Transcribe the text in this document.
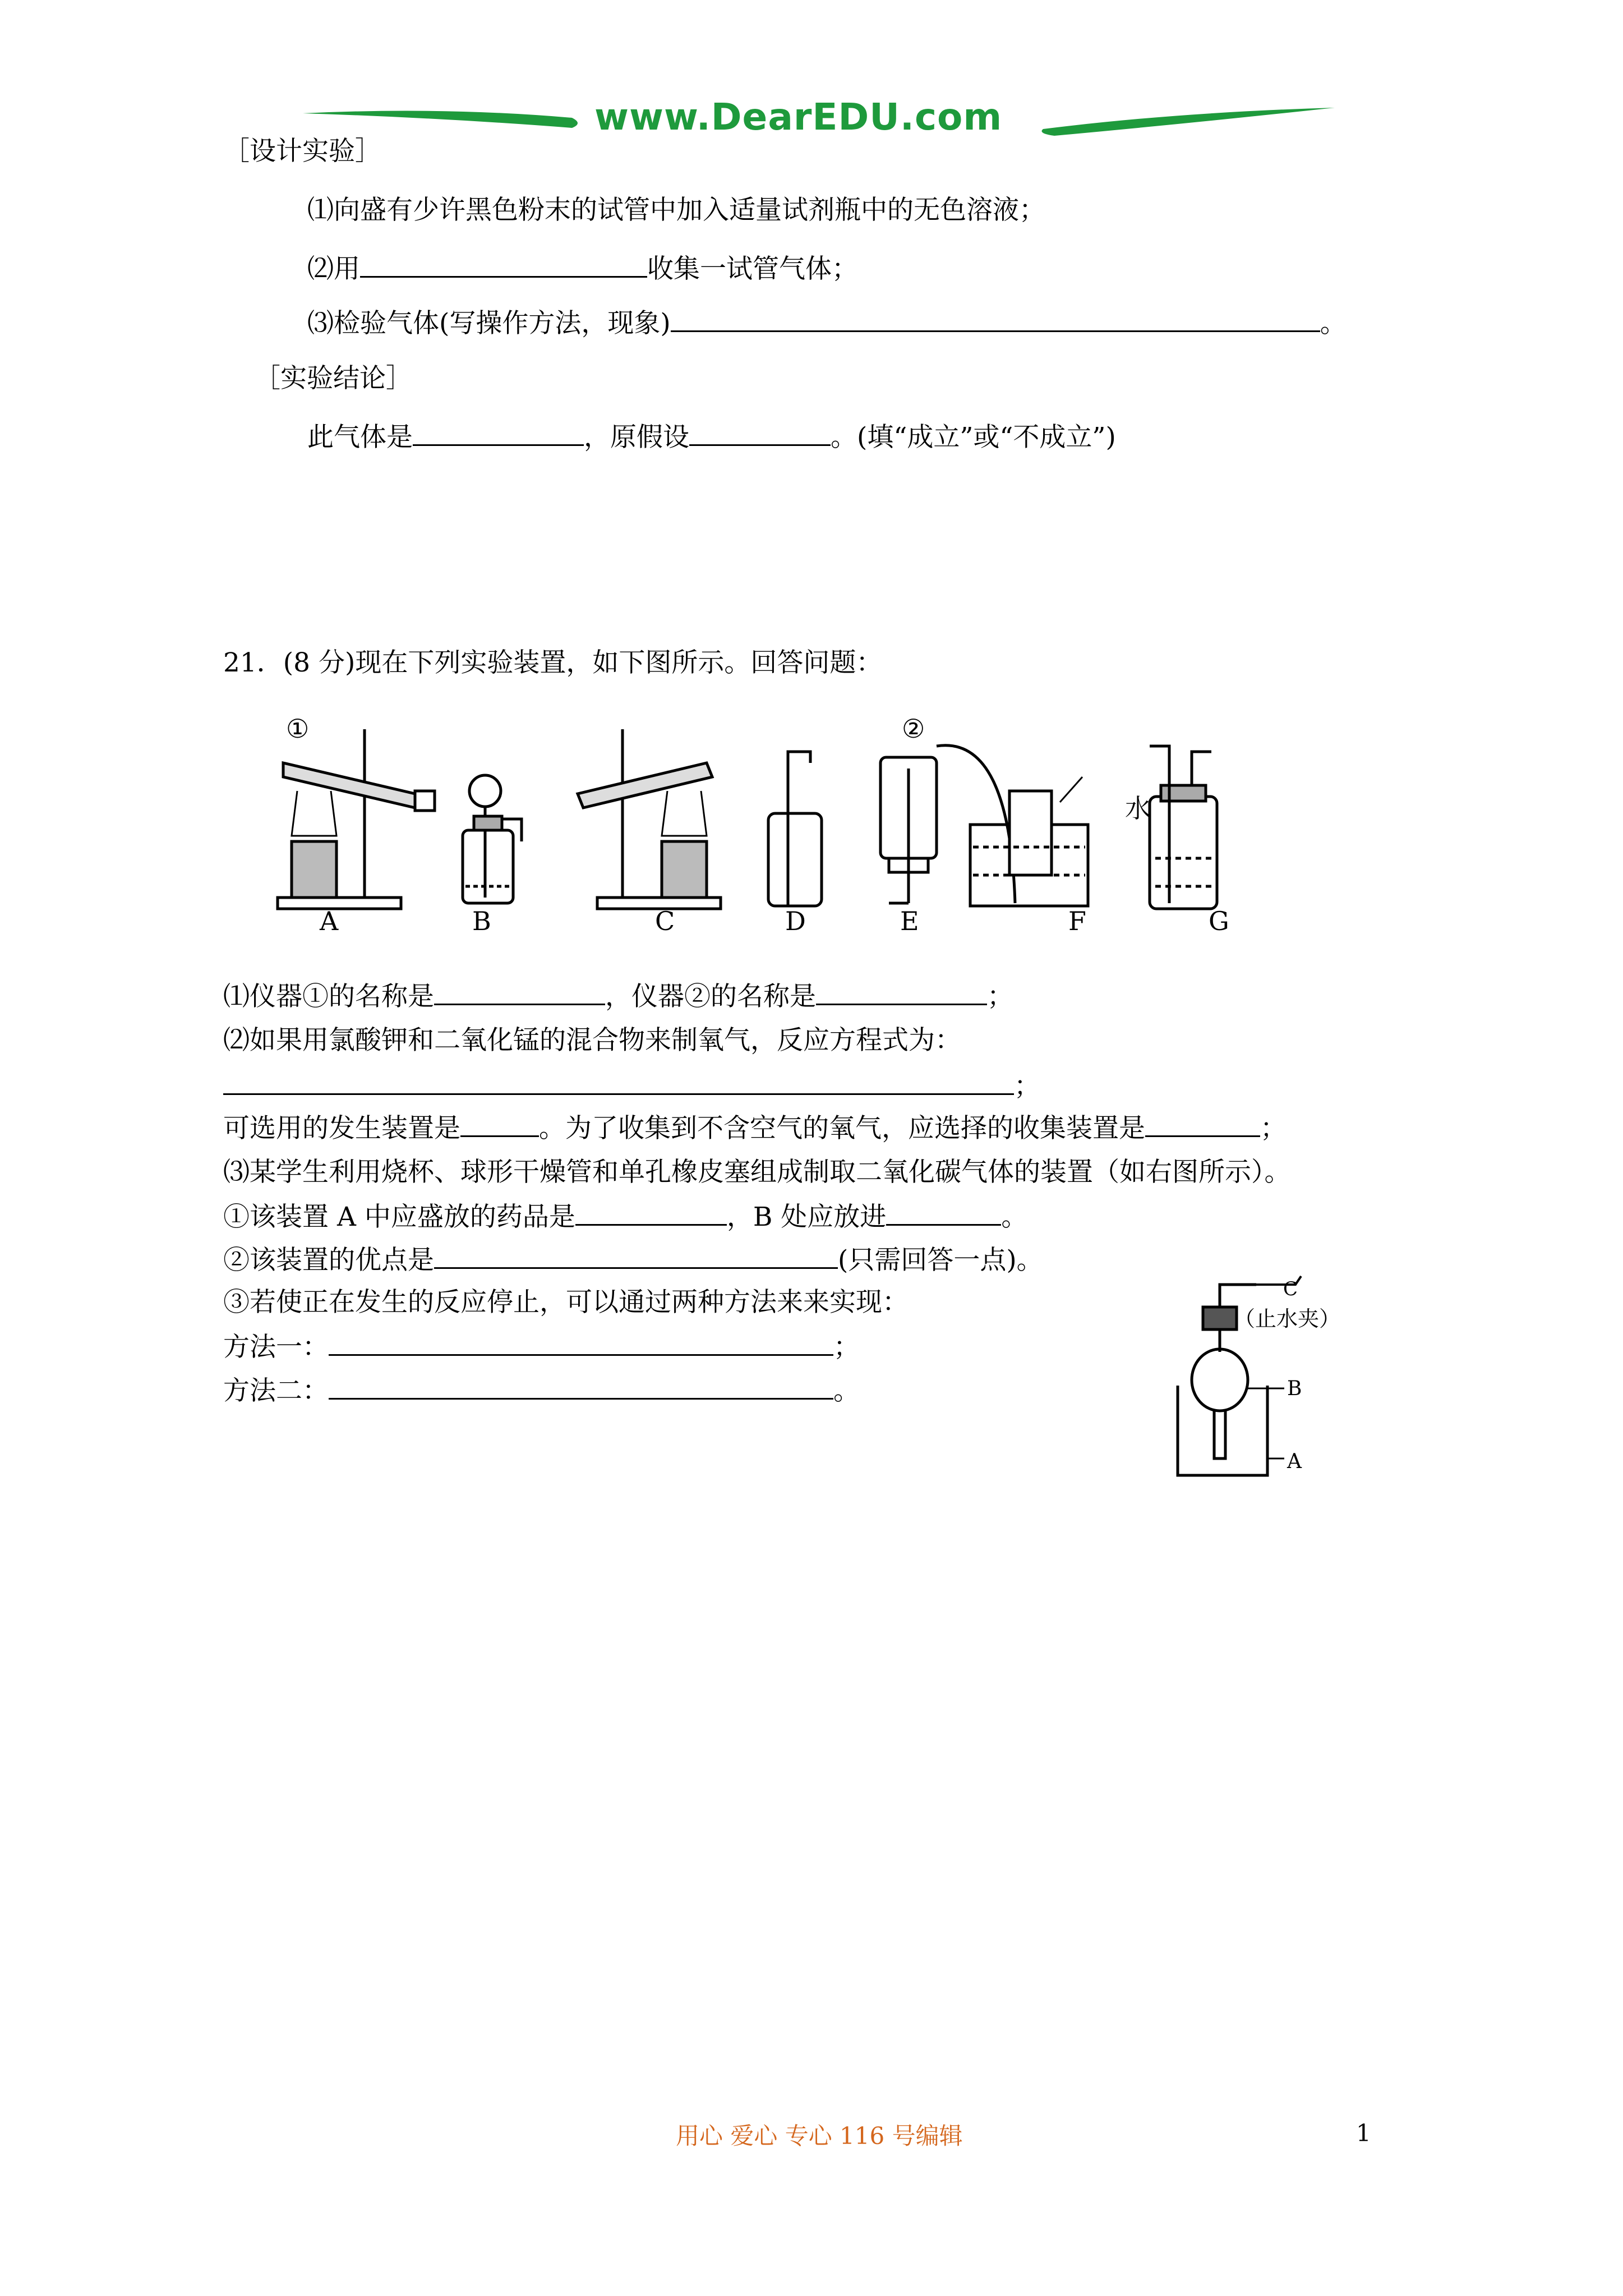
www.DearEDU.com
［设计实验］
⑴向盛有少许黑色粉末的试管中加入适量试剂瓶中的无色溶液；
⑵用	收集一试管气体；
⑶检验气体(写操作方法，现象)	。
［实验结论］
此气体是	，原假设	。(填“成立”或“不成立”)
21．(8 分)现在下列实验装置，如下图所示。回答问题：
①	②
水
A	B	C	D	E	F	G
⑴仪器①的名称是	，仪器②的名称是	；
⑵如果用氯酸钾和二氧化锰的混合物来制氧气，反应方程式为：
；
可选用的发生装置是	。为了收集到不含空气的氧气，应选择的收集装置是	；
⑶某学生利用烧杯、球形干燥管和单孔橡皮塞组成制取二氧化碳气体的装置（如右图所示）。
①该装置 A 中应盛放的药品是	，B 处应放进	。
②该装置的优点是	(只需回答一点)。
③若使正在发生的反应停止，可以通过两种方法来来实现：
方法一：	；
方法二：	。
C
（止水夹）
B
A
用心 爱心 专心 116 号编辑	1
